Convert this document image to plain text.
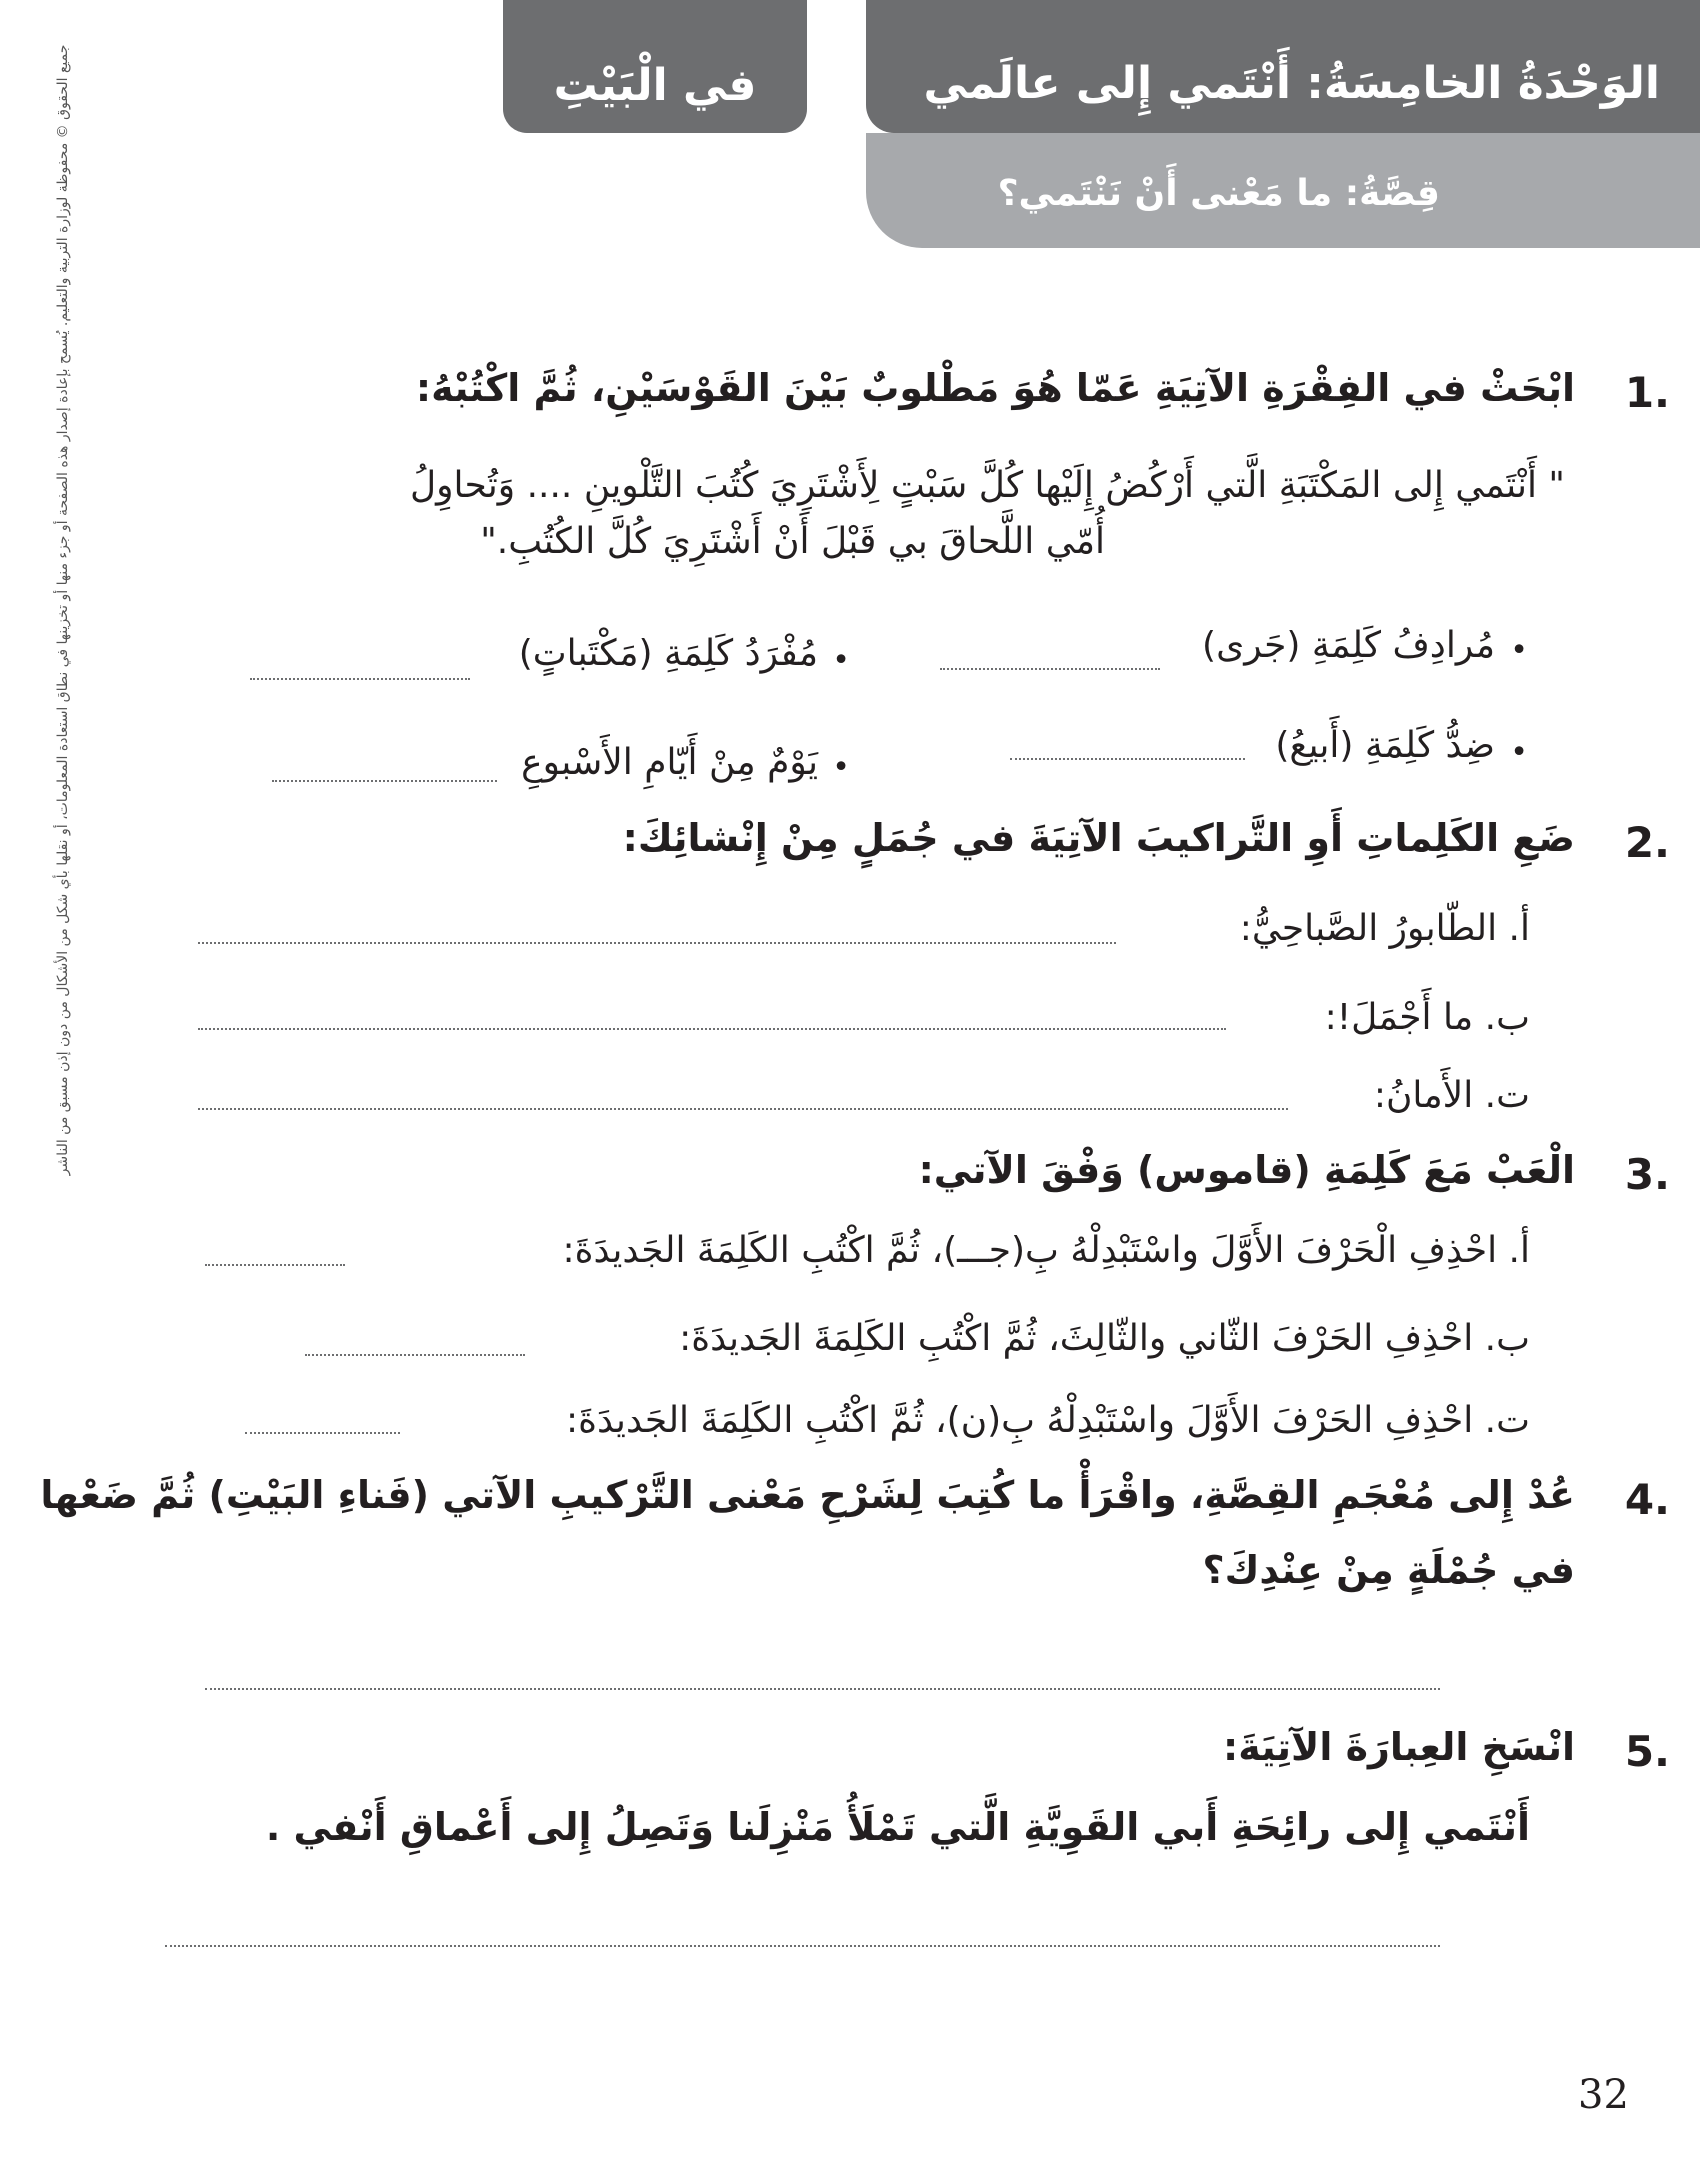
الوَحْدَةُ الخامِسَةُ: أَنْتَمي إِلى عالَمي
قِصَّةُ: ما مَعْنى أَنْ نَنْتَمي؟
في الْبَيْتِ
جميع الحقوق © محفوظة لوزارة التربية والتعليم. يُسمح بإعادة إصدار هذه الصفحة أو جزء منها أو تخزينها في نطاق استعادة المعلومات، أو نقلها بأي شكل من الأشكال من دون إذن مسبق من الناشر	1.
ابْحَثْ في الفِقْرَةِ الآتِيَةِ عَمّا هُوَ مَطْلوبٌ بَيْنَ القَوْسَيْنِ، ثُمَّ اكْتُبْهُ:
" أَنْتَمي إِلى المَكْتَبَةِ الَّتي أَرْكُضُ إِلَيْها كُلَّ سَبْتٍ لِأَشْتَرِيَ كُتُبَ التَّلْوينِ .... وَتُحاوِلُ
أُمّي اللَّحاقَ بي قَبْلَ أَنْ أَشْتَرِيَ كُلَّ الكُتُبِ."
•
مُرادِفُ كَلِمَةِ (جَرى)
•
مُفْرَدُ كَلِمَةِ (مَكْتَباتٍ)
•
ضِدُّ كَلِمَةِ (أَبيعُ)
•
يَوْمٌ مِنْ أَيّامِ الأَسْبوعِ
2.
ضَعِ الكَلِماتِ أَوِ التَّراكيبَ الآتِيَةَ في جُمَلٍ مِنْ إِنْشائِكَ:
أ. الطّابورُ الصَّباحِيُّ:
ب. ما أَجْمَلَ!:
ت. الأَمانُ:
3.
الْعَبْ مَعَ كَلِمَةِ (قاموس) وَفْقَ الآتي:
أ. احْذِفِ الْحَرْفَ الأَوَّلَ واسْتَبْدِلْهُ بِ(جـــ)، ثُمَّ اكْتُبِ الكَلِمَةَ الجَديدَةَ:
ب. احْذِفِ الحَرْفَ الثّاني والثّالِثَ، ثُمَّ اكْتُبِ الكَلِمَةَ الجَديدَةَ:
ت. احْذِفِ الحَرْفَ الأَوَّلَ واسْتَبْدِلْهُ بِ(ن)، ثُمَّ اكْتُبِ الكَلِمَةَ الجَديدَةَ:
4.
عُدْ إِلى مُعْجَمِ القِصَّةِ، واقْرَأْ ما كُتِبَ لِشَرْحِ مَعْنى التَّرْكيبِ الآتي (فَناءِ البَيْتِ) ثُمَّ ضَعْها
في جُمْلَةٍ مِنْ عِنْدِكَ؟
5.
انْسَخِ العِبارَةَ الآتِيَةَ:
أَنْتَمي إِلى رائِحَةِ أَبي القَوِيَّةِ الَّتي تَمْلَأُ مَنْزِلَنا وَتَصِلُ إِلى أَعْماقِ أَنْفي .
32
